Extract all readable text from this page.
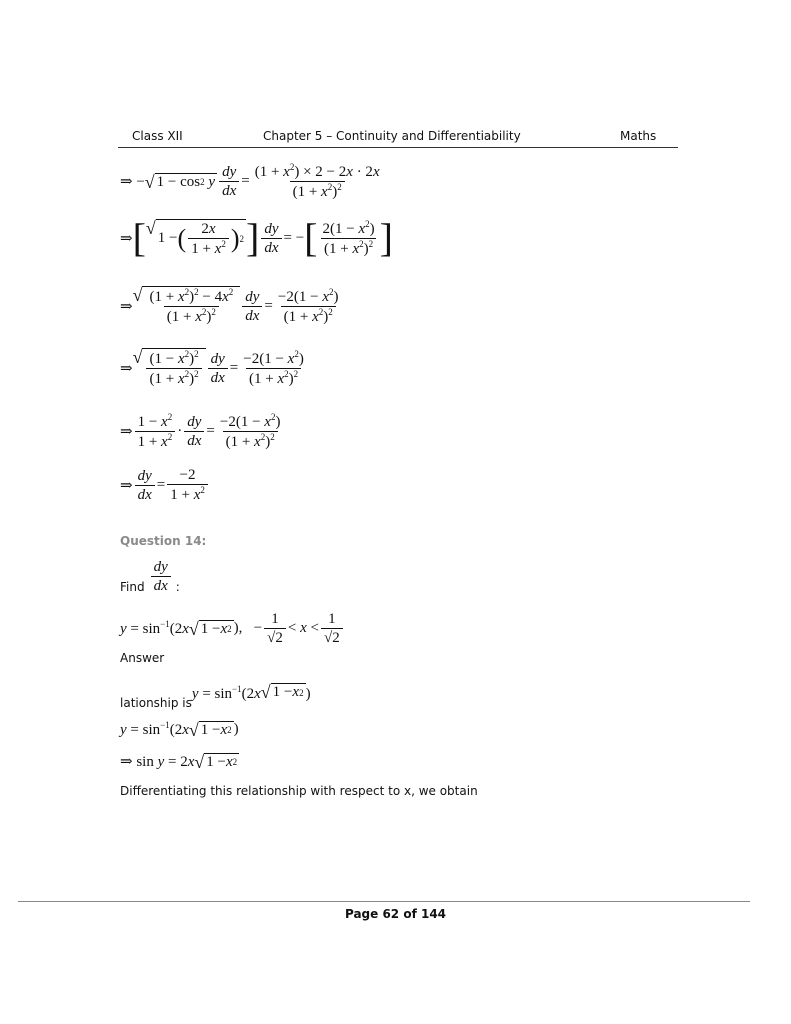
Class XII	Chapter 5 – Continuity and Differentiability	Maths
⇒ − √ 1 − cos 2
y $\frac{dy}{dx} = \frac{(1 + x^2) \times 2 - 2x \cdot 2x}{(1 + x^2)^2}$
⇒ [ √
1 − ( $\frac{2x}{1 + x^2}$ ) 2 ] $\frac{dy}{dx}$ = − [ $\frac{2(1 - x^2)}{(1 + x^2)^2}$ ]
⇒
√ $\frac{(1 + x^2)^2 - 4x^2}{(1 + x^2)^2} \frac{dy}{dx} = \frac{-2(1 - x^2)}{(1 + x^2)^2}$
⇒
√ $\frac{(1 - x^2)^2}{(1 + x^2)^2} \frac{dy}{dx} = \frac{-2(1 - x^2)}{(1 + x^2)^2}$
⇒ $\frac{1 - x^2}{1 + x^2} \cdot \frac{dy}{dx} = \frac{-2(1 - x^2)}{(1 + x^2)^2}$
⇒ $\frac{dy}{dx} = \frac{-2}{1 + x^2}$
Question 14:
Find $\frac{dy}{dx}$ :
$y = \sin^{-1}(2x$ √ 1 − x 2 ),   − $\frac{1}{√2} < x < \frac{1}{√2}$
Answer
lationship is
$y = \sin^{-1}(2x$ √ 1 − x 2 )
$y = \sin^{-1}(2x$ √ 1 − x 2 )
⇒ sin y = 2x √ 1 − x 2
Differentiating this relationship with respect to x, we obtain
Page 62 of 144
